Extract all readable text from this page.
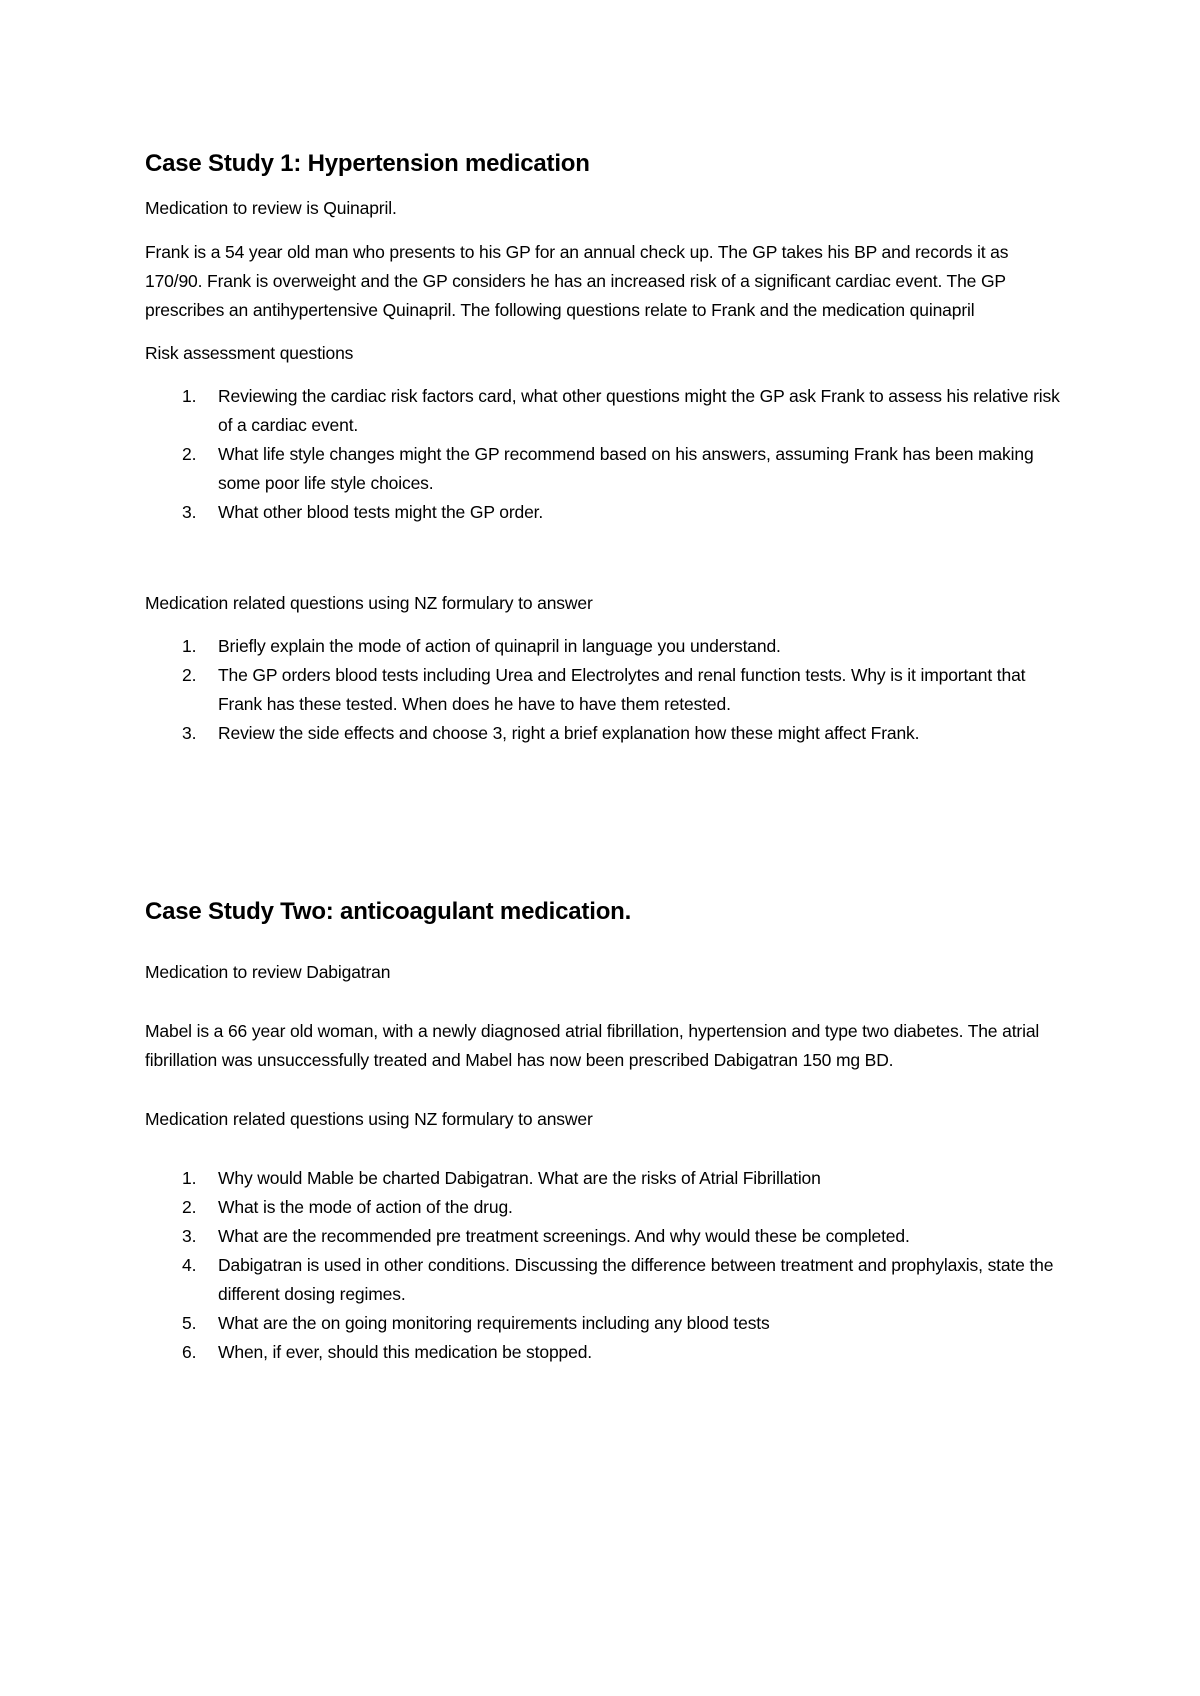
Case Study 1: Hypertension medication

Medication to review is Quinapril.

Frank is a 54 year old man who presents to his GP for an annual check up. The GP takes his BP and records it as 170/90. Frank is overweight and the GP considers he has an increased risk of a significant cardiac event. The GP prescribes an antihypertensive Quinapril. The following questions relate to Frank and the medication quinapril

Risk assessment questions

1. Reviewing the cardiac risk factors card, what other questions might the GP ask Frank to assess his relative risk of a cardiac event.
2. What life style changes might the GP recommend based on his answers, assuming Frank has been making some poor life style choices.
3. What other blood tests might the GP order.

Medication related questions using NZ formulary to answer

1. Briefly explain the mode of action of quinapril in language you understand.
2. The GP orders blood tests including Urea and Electrolytes and renal function tests. Why is it important that Frank has these tested. When does he have to have them retested.
3. Review the side effects and choose 3, right a brief explanation how these might affect Frank.
Case Study Two: anticoagulant medication.

Medication to review Dabigatran

Mabel is a 66 year old woman, with a newly diagnosed atrial fibrillation, hypertension and type two diabetes. The atrial fibrillation was unsuccessfully treated and Mabel has now been prescribed Dabigatran 150 mg BD.

Medication related questions using NZ formulary to answer

1. Why would Mable be charted Dabigatran. What are the risks of Atrial Fibrillation
2. What is the mode of action of the drug.
3. What are the recommended pre treatment screenings. And why would these be completed.
4. Dabigatran is used in other conditions. Discussing the difference between treatment and prophylaxis, state the different dosing regimes.
5. What are the on going monitoring requirements including any blood tests
6. When, if ever, should this medication be stopped.
